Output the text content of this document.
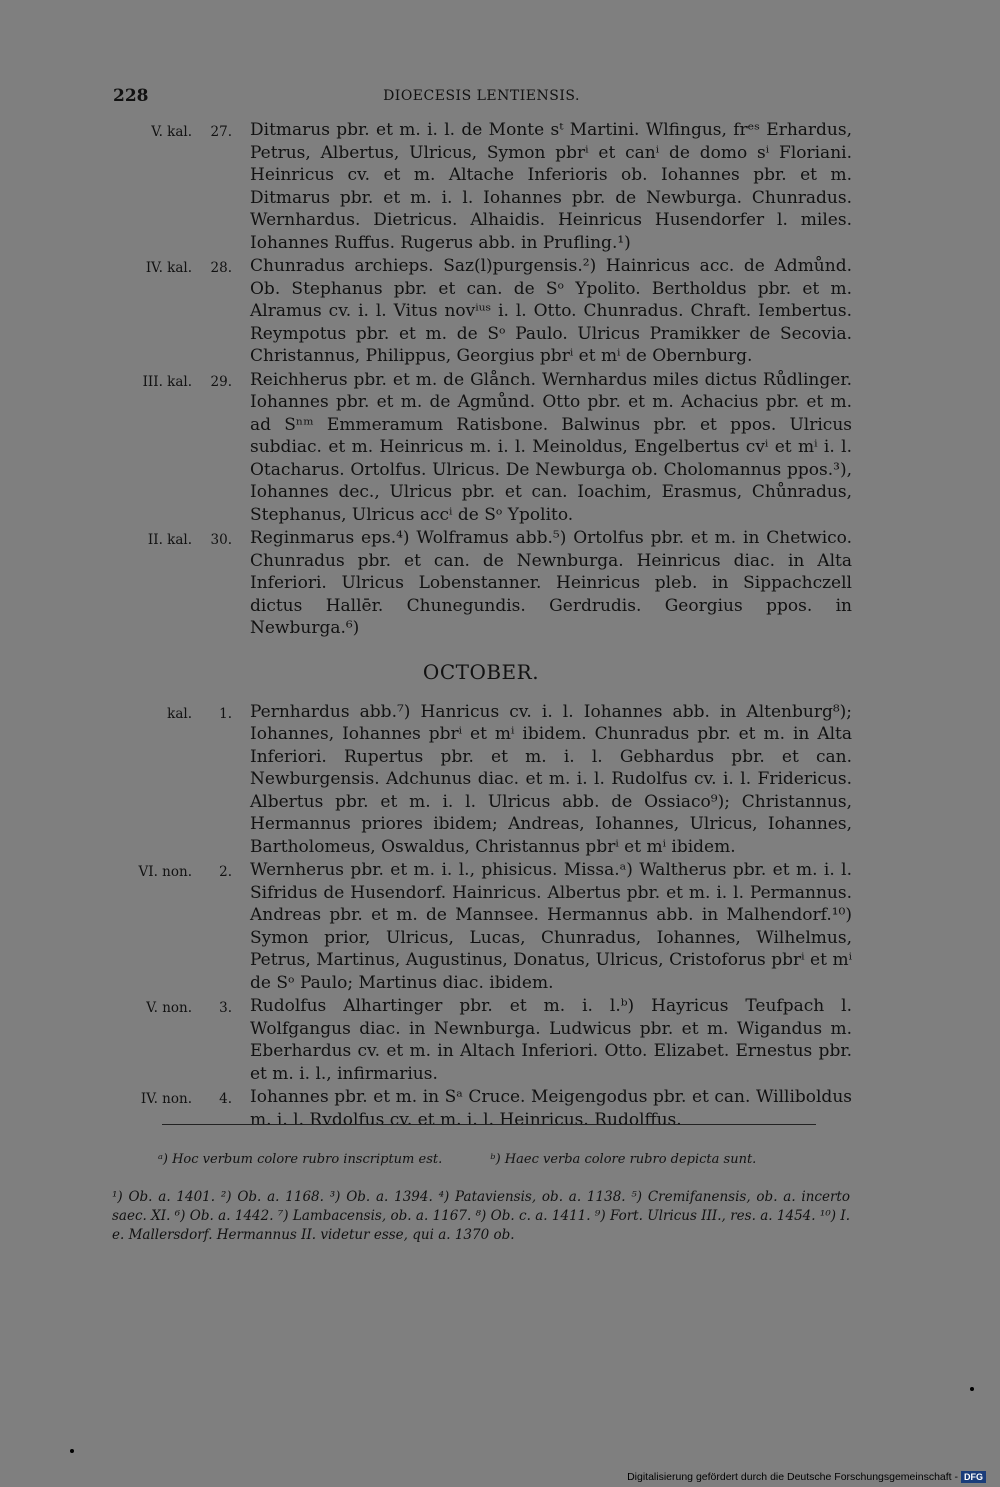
228	DIOECESIS LENTIENSIS.
V. kal.	27.	Ditmarus pbr. et m. i. l. de Monte sᵗ Martini. Wlfingus, frᵉˢ Erhardus, Petrus, Albertus, Ulricus, Symon pbrⁱ et canⁱ de domo sⁱ Floriani. Heinricus cv. et m. Altache Inferioris ob. Iohannes pbr. et m. Ditmarus pbr. et m. i. l. Iohannes pbr. de Newburga. Chunradus. Wernhardus. Dietricus. Alhaidis. Heinricus Husendorfer l. miles. Iohannes Ruffus. Rugerus abb. in Prufling.¹)
IV. kal.	28.	Chunradus archieps. Saz(l)purgensis.²) Hainricus acc. de Admůnd. Ob. Stephanus pbr. et can. de Sᵒ Ypolito. Bertholdus pbr. et m. Alramus cv. i. l. Vitus novⁱᵘˢ i. l. Otto. Chunradus. Chraft. Iembertus. Reympotus pbr. et m. de Sᵒ Paulo. Ulricus Pramikker de Secovia. Christannus, Philippus, Georgius pbrⁱ et mⁱ de Obernburg.
III. kal.	29.	Reichherus pbr. et m. de Glånch. Wernhardus miles dictus Růdlinger. Iohannes pbr. et m. de Agmůnd. Otto pbr. et m. Achacius pbr. et m. ad Sⁿᵐ Emmeramum Ratisbone. Balwinus pbr. et ppos. Ulricus subdiac. et m. Heinricus m. i. l. Meinoldus, Engelbertus cvⁱ et mⁱ i. l. Otacharus. Ortolfus. Ulricus. De Newburga ob. Cholomannus ppos.³), Iohannes dec., Ulricus pbr. et can. Ioachim, Erasmus, Chůnradus, Stephanus, Ulricus accⁱ de Sᵒ Ypolito.
II. kal.	30.	Reginmarus eps.⁴) Wolframus abb.⁵) Ortolfus pbr. et m. in Chetwico. Chunradus pbr. et can. de Newnburga. Heinricus diac. in Alta Inferiori. Ulricus Lobenstanner. Heinricus pleb. in Sippachczell dictus Hallēr. Chunegundis. Gerdrudis. Georgius ppos. in Newburga.⁶)
OCTOBER.
kal.	1.	Pernhardus abb.⁷) Hanricus cv. i. l. Iohannes abb. in Altenburg⁸); Iohannes, Iohannes pbrⁱ et mⁱ ibidem. Chunradus pbr. et m. in Alta Inferiori. Rupertus pbr. et m. i. l. Gebhardus pbr. et can. Newburgensis. Adchunus diac. et m. i. l. Rudolfus cv. i. l. Fridericus. Albertus pbr. et m. i. l. Ulricus abb. de Ossiaco⁹); Christannus, Hermannus priores ibidem; Andreas, Iohannes, Ulricus, Iohannes, Bartholomeus, Oswaldus, Christannus pbrⁱ et mⁱ ibidem.
VI. non.	2.	Wernherus pbr. et m. i. l., phisicus. Missa.ᵃ) Waltherus pbr. et m. i. l. Sifridus de Husendorf. Hainricus. Albertus pbr. et m. i. l. Permannus. Andreas pbr. et m. de Mannsee. Hermannus abb. in Malhendorf.¹⁰) Symon prior, Ulricus, Lucas, Chunradus, Iohannes, Wilhelmus, Petrus, Martinus, Augustinus, Donatus, Ulricus, Cristoforus pbrⁱ et mⁱ de Sᵒ Paulo; Martinus diac. ibidem.
V. non.	3.	Rudolfus Alhartinger pbr. et m. i. l.ᵇ) Hayricus Teufpach l. Wolfgangus diac. in Newnburga. Ludwicus pbr. et m. Wigandus m. Eberhardus cv. et m. in Altach Inferiori. Otto. Elizabet. Ernestus pbr. et m. i. l., infirmarius.
IV. non.	4.	Iohannes pbr. et m. in Sᵃ Cruce. Meigengodus pbr. et can. Williboldus m. i. l. Rvdolfus cv. et m. i. l. Heinricus. Rudolffus.
ᵃ) Hoc verbum colore rubro inscriptum est.	ᵇ) Haec verba colore rubro depicta sunt.
¹) Ob. a. 1401. ²) Ob. a. 1168. ³) Ob. a. 1394. ⁴) Pataviensis, ob. a. 1138. ⁵) Cremifanensis, ob. a. incerto saec. XI. ⁶) Ob. a. 1442. ⁷) Lambacensis, ob. a. 1167. ⁸) Ob. c. a. 1411. ⁹) Fort. Ulricus III., res. a. 1454. ¹⁰) I. e. Mallersdorf. Hermannus II. videtur esse, qui a. 1370 ob.
Digitalisierung gefördert durch die Deutsche Forschungsgemeinschaft - DFG
